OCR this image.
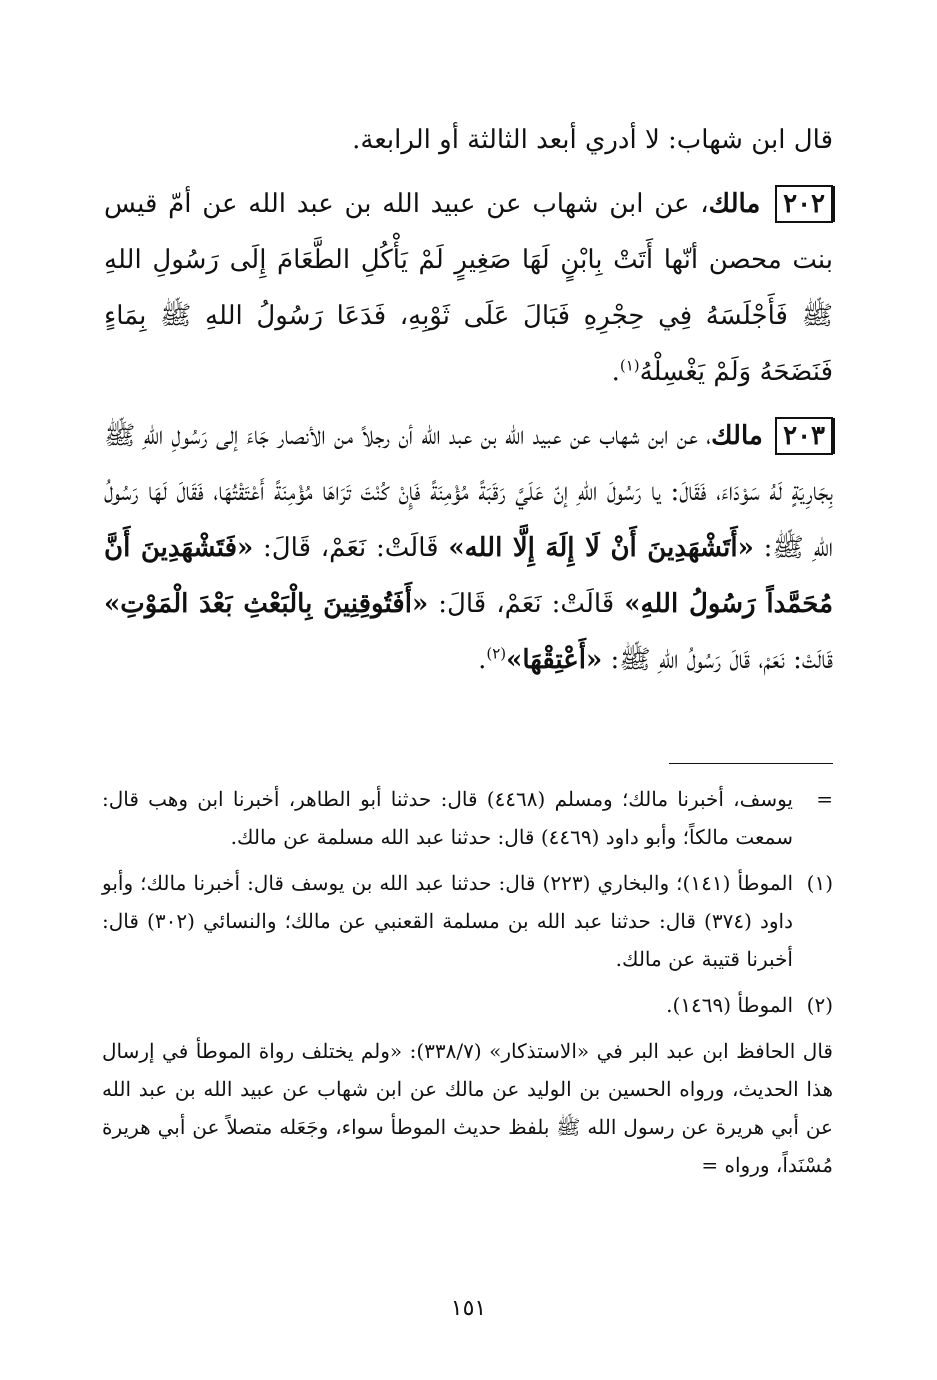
قال ابن شهاب: لا أدري أبعد الثالثة أو الرابعة.

٢٠٢ مالك، عن ابن شهاب عن عبيد الله بن عبد الله عن أمّ قيس بنت محصن أنّها أَتَتْ بِابْنٍ لَهَا صَغِيرٍ لَمْ يَأْكُلِ الطَّعَامَ إِلَى رَسُولِ اللهِ ﷺ فَأَجْلَسَهُ فِي حِجْرِهِ فَبَالَ عَلَى ثَوْبِهِ، فَدَعَا رَسُولُ اللهِ ﷺ بِمَاءٍ فَنَضَحَهُ وَلَمْ يَغْسِلْهُ$^{(١)}$.

٢٠٣ مالك، عن ابن شهاب عن عبيد الله بن عبد الله أن رجلاً من الأنصار جَاءَ إلى رَسُولِ اللهِ ﷺ بِجَارِيَةٍ لَهُ سَوْدَاءَ، فَقَالَ: يا رَسُولَ اللهِ إنّ عَلَيَّ رَقَبَةً مُؤْمِنَةً فَإِنْ كُنْتَ تَرَاهَا مُؤْمِنَةً أَعْتَقْتُهَا، فَقَالَ لَهَا رَسُولُ اللهِ ﷺ: «أَتَشْهَدِينَ أَنْ لَا إِلَهَ إِلَّا الله» قَالَتْ: نَعَمْ، قَالَ: «فَتَشْهَدِينَ أَنَّ مُحَمَّداً رَسُولُ اللهِ» قَالَتْ: نَعَمْ، قَالَ: «أَفَتُوقِنِينَ بِالْبَعْثِ بَعْدَ الْمَوْتِ» قَالَتْ: نَعَمْ، قَالَ رَسُولُ اللهِ ﷺ: «أَعْتِقْهَا»$^{(٢)}$.

=
يوسف، أخبرنا مالك؛ ومسلم (٤٤٦٨) قال: حدثنا أبو الطاهر، أخبرنا ابن وهب قال: سمعت مالكاً؛ وأبو داود (٤٤٦٩) قال: حدثنا عبد الله مسلمة عن مالك.
(١)
الموطأ (١٤١)؛ والبخاري (٢٢٣) قال: حدثنا عبد الله بن يوسف قال: أخبرنا مالك؛ وأبو داود (٣٧٤) قال: حدثنا عبد الله بن مسلمة القعنبي عن مالك؛ والنسائي (٣٠٢) قال: أخبرنا قتيبة عن مالك.
(٢)
الموطأ (١٤٦٩).
قال الحافظ ابن عبد البر في «الاستذكار» (٣٣٨/٧): «ولم يختلف رواة الموطأ في إرسال هذا الحديث، ورواه الحسين بن الوليد عن مالك عن ابن شهاب عن عبيد الله بن عبد الله عن أبي هريرة عن رسول الله ﷺ بلفظ حديث الموطأ سواء، وجَعَله متصلاً عن أبي هريرة مُسْنَداً، ورواه =
١٥١
